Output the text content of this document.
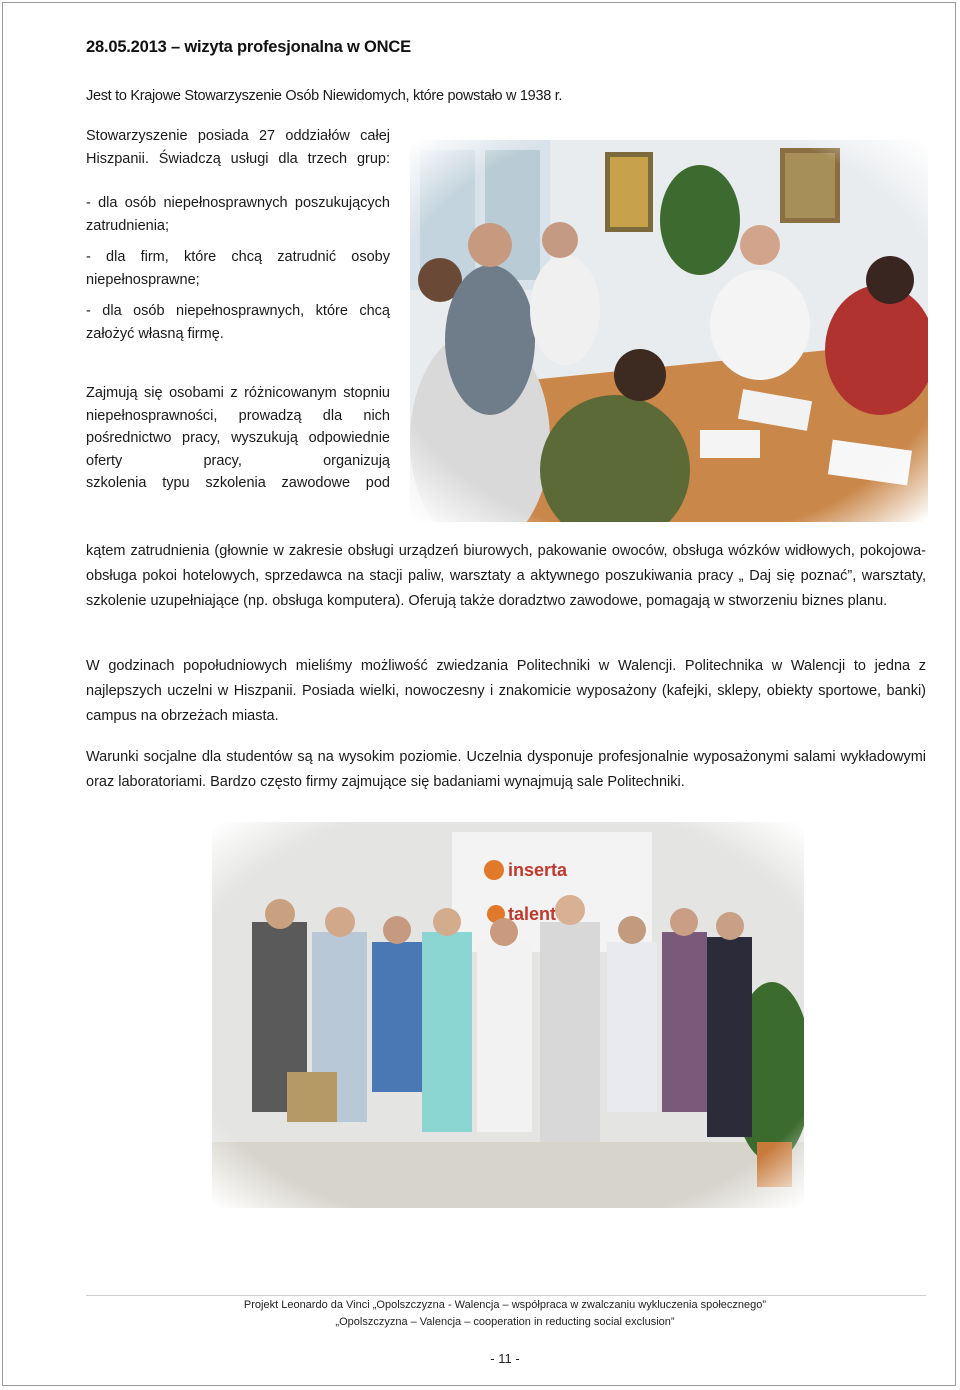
28.05.2013 – wizyta profesjonalna w ONCE
Jest to Krajowe Stowarzyszenie Osób Niewidomych, które powstało w 1938 r.

Stowarzyszenie posiada 27 oddziałów całej Hiszpanii. Świadczą usługi dla trzech grup:

- dla osób niepełnosprawnych poszukujących zatrudnienia;

- dla firm, które chcą zatrudnić osoby niepełnosprawne;

- dla osób niepełnosprawnych, które chcą założyć własną firmę.

Zajmują się osobami z różnicowanym stopniu niepełnosprawności, prowadzą dla nich pośrednictwo pracy, wyszukują odpowiednie oferty pracy, organizują

szkolenia typu szkolenia zawodowe pod

kątem zatrudnienia (głownie w zakresie obsługi urządzeń biurowych, pakowanie owoców, obsługa wózków widłowych, pokojowa- obsługa pokoi hotelowych, sprzedawca na stacji paliw, warsztaty a aktywnego poszukiwania pracy „ Daj się poznać”, warsztaty, szkolenie uzupełniające (np. obsługa komputera). Oferują także doradztwo zawodowe, pomagają w stworzeniu biznes planu.

W godzinach popołudniowych mieliśmy możliwość zwiedzania Politechniki w Walencji. Politechnika w Walencji to jedna z najlepszych uczelni w Hiszpanii. Posiada wielki, nowoczesny i znakomicie wyposażony (kafejki, sklepy, obiekty sportowe, banki) campus na obrzeżach miasta.

Warunki socjalne dla studentów są na wysokim poziomie. Uczelnia dysponuje profesjonalnie wyposażonymi salami wykładowymi oraz laboratoriami. Bardzo często firmy zajmujące się badaniami wynajmują sale Politechniki.

Projekt Leonardo da Vinci „Opolszczyzna - Walencja – współpraca w zwalczaniu wykluczenia społecznego”
„Opolszczyzna – Valencja – cooperation in reducting social exclusion”
- 11 -
